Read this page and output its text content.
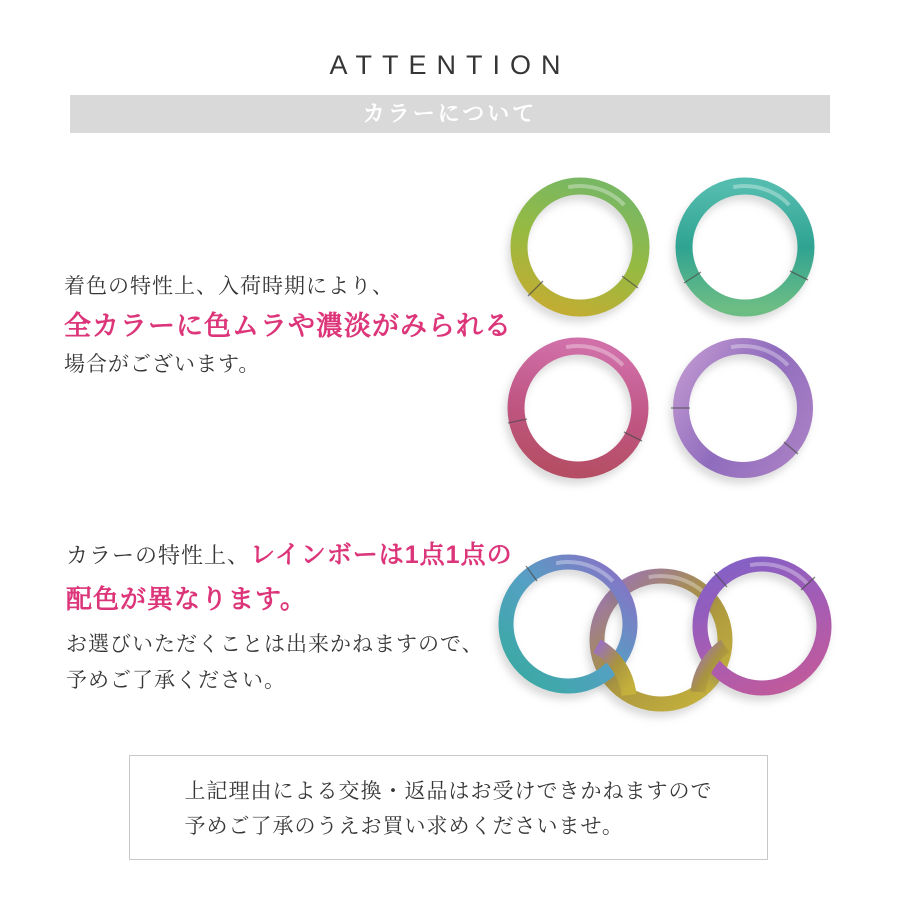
ATTENTION
カラーについて

着色の特性上、入荷時期により、

全カラーに色ムラや濃淡がみられる

場合がございます。

カラーの特性上、レインボーは1点1点の

配色が異なります。

お選びいただくことは出来かねますので、

予めご了承ください。

上記理由による交換・返品はお受けできかねますので

予めご了承のうえお買い求めくださいませ。
